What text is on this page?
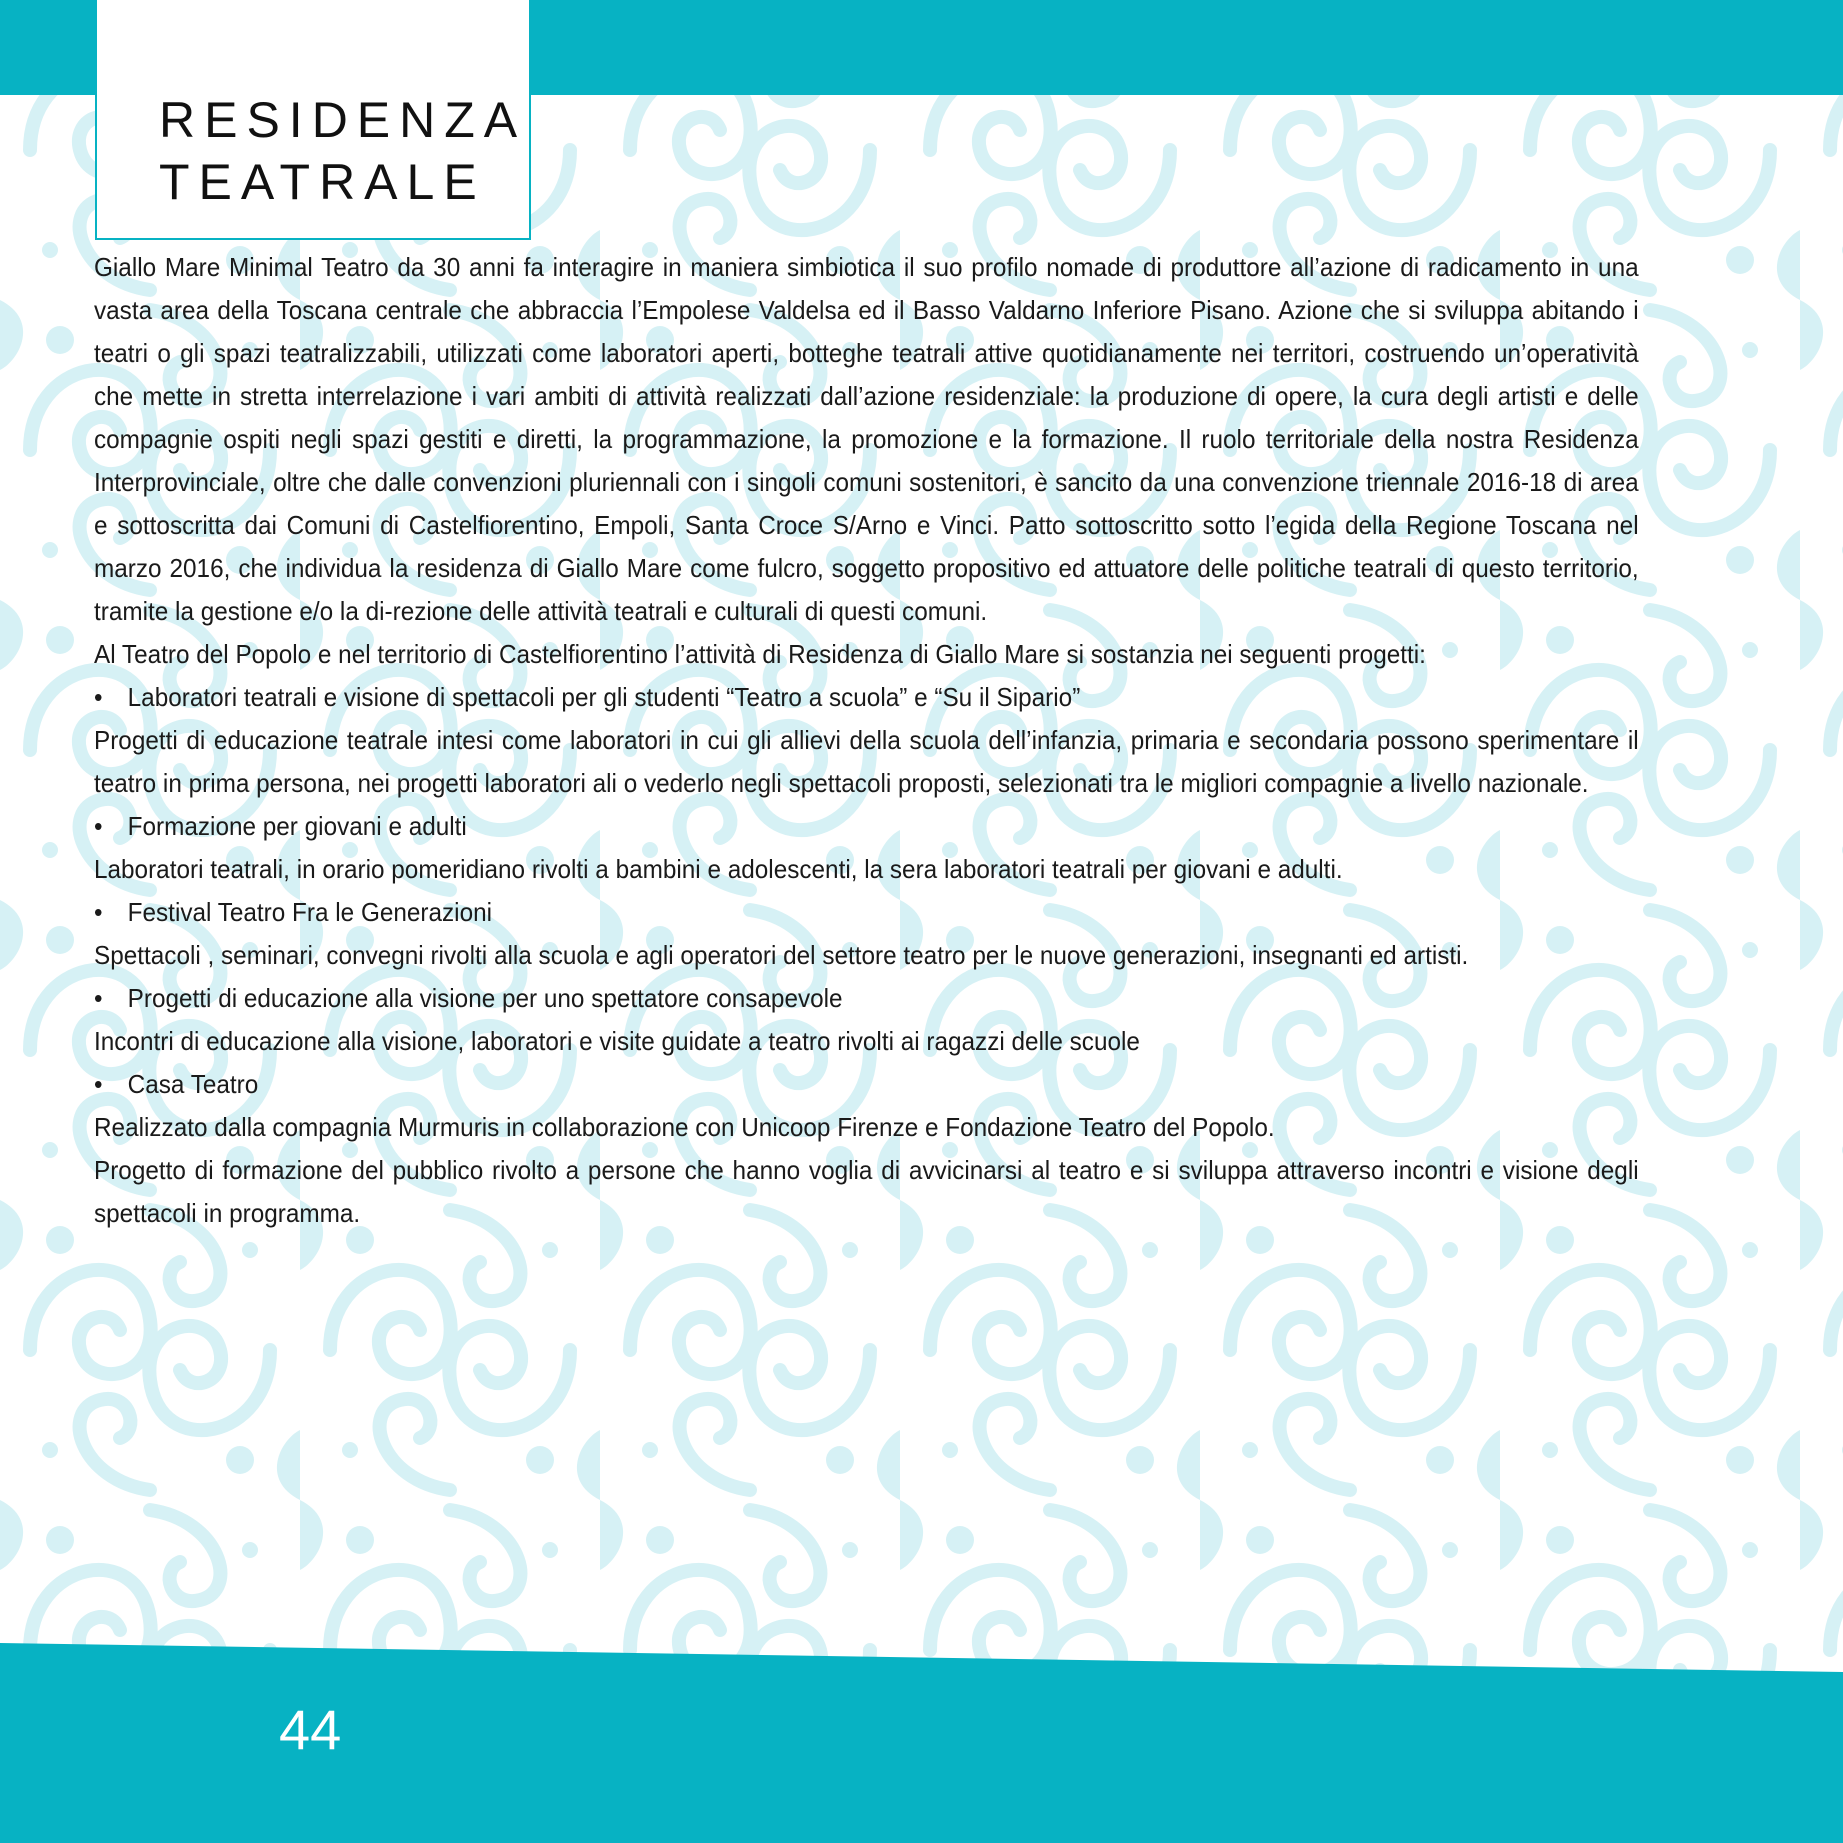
RESIDENZA
TEATRALE

Giallo Mare Minimal Teatro da 30 anni fa interagire in maniera simbiotica il suo profilo nomade di produttore all’azione di radicamento in una vasta area della Toscana centrale che abbraccia l’Empolese Valdelsa ed il Basso Valdarno Inferiore Pisano. Azione che si sviluppa abitando i teatri o gli spazi teatralizzabili, utilizzati come laboratori aperti, botteghe teatrali attive quotidianamente nei territori, costruendo un’operatività che mette in stretta interrelazione i vari ambiti di attività realizzati dall’azione residenziale: la produzione di opere, la cura degli artisti e delle compagnie ospiti negli spazi gestiti e diretti, la programmazione, la promozione e la formazione. Il ruolo territoriale della nostra Residenza Interprovinciale, oltre che dalle convenzioni pluriennali con i singoli comuni sostenitori, è sancito da una convenzione triennale 2016-18 di area e sottoscritta dai Comuni di Castelfiorentino, Empoli, Santa Croce S/Arno e Vinci. Patto sottoscritto sotto l’egida della Regione Toscana nel marzo 2016, che individua la residenza di Giallo Mare come fulcro, soggetto propositivo ed attuatore delle politiche teatrali di questo territorio, tramite la gestione e/o la di-rezione delle attività teatrali e culturali di questi comuni.

Al Teatro del Popolo e nel territorio di Castelfiorentino l’attività di Residenza di Giallo Mare si sostanzia nei seguenti progetti:

• Laboratori teatrali e visione di spettacoli per gli studenti “Teatro a scuola” e “Su il Sipario”

Progetti di educazione teatrale intesi come laboratori in cui gli allievi della scuola dell’infanzia, primaria e secondaria possono sperimentare il teatro in prima persona, nei progetti laboratori ali o vederlo negli spettacoli proposti, selezionati tra le migliori compagnie a livello nazionale.

• Formazione per giovani e adulti

Laboratori teatrali, in orario pomeridiano rivolti a bambini e adolescenti, la sera laboratori teatrali per giovani e adulti.

• Festival Teatro Fra le Generazioni

Spettacoli , seminari, convegni rivolti alla scuola e agli operatori del settore teatro per le nuove generazioni, insegnanti ed artisti.

• Progetti di educazione alla visione per uno spettatore consapevole

Incontri di educazione alla visione, laboratori e visite guidate a teatro rivolti ai ragazzi delle scuole

• Casa Teatro

Realizzato dalla compagnia Murmuris in collaborazione con Unicoop Firenze e Fondazione Teatro del Popolo.

Progetto di formazione del pubblico rivolto a persone che hanno voglia di avvicinarsi al teatro e si sviluppa attraverso incontri e visione degli spettacoli in programma.

44
